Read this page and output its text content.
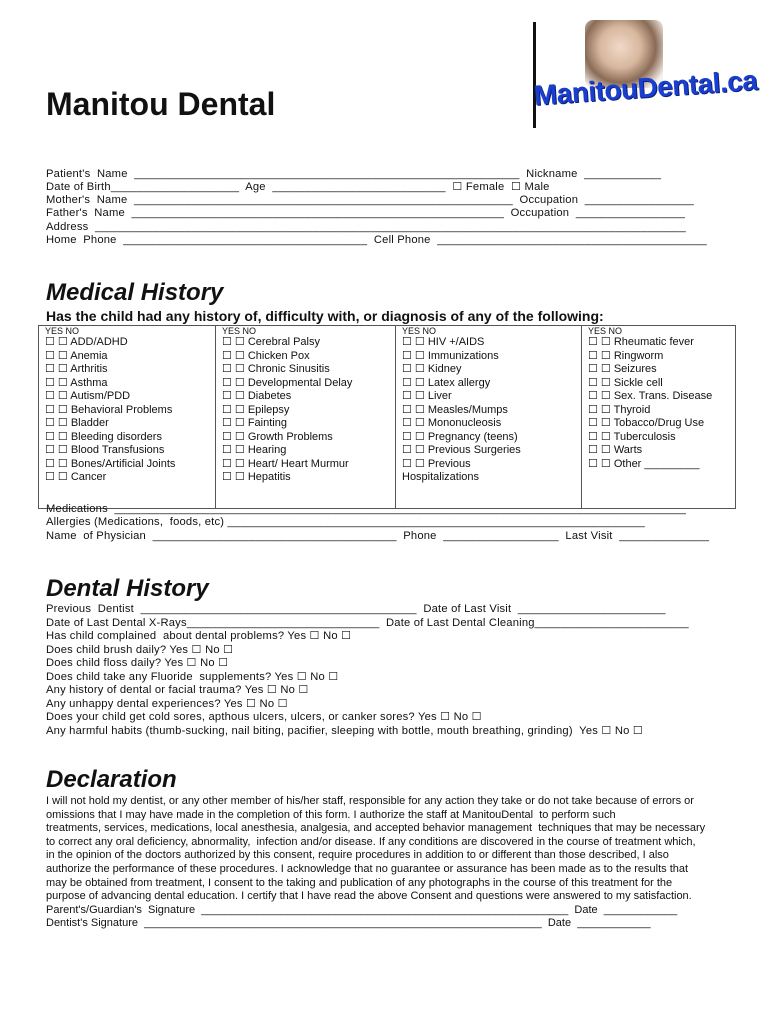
Manitou Dental	ManitouDental.ca
Patient's  Name  ____________________________________________________________  Nickname  ____________
Date of Birth____________________  Age  ___________________________  ☐ Female  ☐ Male
Mother's  Name  ___________________________________________________________  Occupation  _________________
Father's  Name  __________________________________________________________  Occupation  _________________
Address  ____________________________________________________________________________________________
Home  Phone  ______________________________________  Cell Phone  __________________________________________
Medical History
Has the child had any history of, difficulty with, or diagnosis of any of the following:
YES NO
☐ ☐ ADD/ADHD
☐ ☐ Anemia
☐ ☐ Arthritis
☐ ☐ Asthma
☐ ☐ Autism/PDD
☐ ☐ Behavioral Problems
☐ ☐ Bladder
☐ ☐ Bleeding disorders
☐ ☐ Blood Transfusions
☐ ☐ Bones/Artificial Joints
☐ ☐ Cancer
YES NO
☐ ☐ Cerebral Palsy
☐ ☐ Chicken Pox
☐ ☐ Chronic Sinusitis
☐ ☐ Developmental Delay
☐ ☐ Diabetes
☐ ☐ Epilepsy
☐ ☐ Fainting
☐ ☐ Growth Problems
☐ ☐ Hearing
☐ ☐ Heart/ Heart Murmur
☐ ☐ Hepatitis
YES NO
☐ ☐ HIV +/AIDS
☐ ☐ Immunizations
☐ ☐ Kidney
☐ ☐ Latex allergy
☐ ☐ Liver
☐ ☐ Measles/Mumps
☐ ☐ Mononucleosis
☐ ☐ Pregnancy (teens)
☐ ☐ Previous Surgeries
☐ ☐ Previous
Hospitalizations
YES NO
☐ ☐ Rheumatic fever
☐ ☐ Ringworm
☐ ☐ Seizures
☐ ☐ Sickle cell
☐ ☐ Sex. Trans. Disease
☐ ☐ Thyroid
☐ ☐ Tobacco/Drug Use
☐ ☐ Tuberculosis
☐ ☐ Warts
☐ ☐ Other _________
Medications  _________________________________________________________________________________________
Allergies (Medications,  foods, etc) _________________________________________________________________
Name  of Physician  ______________________________________  Phone  __________________  Last Visit  ______________
Dental History
Previous  Dentist  ___________________________________________  Date of Last Visit  _______________________
Date of Last Dental X-Rays______________________________  Date of Last Dental Cleaning________________________
Has child complained  about dental problems? Yes ☐ No ☐
Does child brush daily? Yes ☐ No ☐
Does child floss daily? Yes ☐ No ☐
Does child take any Fluoride  supplements? Yes ☐ No ☐
Any history of dental or facial trauma? Yes ☐ No ☐
Any unhappy dental experiences? Yes ☐ No ☐
Does your child get cold sores, apthous ulcers, ulcers, or canker sores? Yes ☐ No ☐
Any harmful habits (thumb-sucking, nail biting, pacifier, sleeping with bottle, mouth breathing, grinding)  Yes ☐ No ☐
Declaration

I will not hold my dentist, or any other member of his/her staff, responsible for any action they take or do not take because of errors or

omissions that I may have made in the completion of this form. I authorize the staff at ManitouDental  to perform such

treatments, services, medications, local anesthesia, analgesia, and accepted behavior management  techniques that may be necessary

to correct any oral deficiency, abnormality,  infection and/or disease. If any conditions are discovered in the course of treatment which,

in the opinion of the doctors authorized by this consent, require procedures in addition to or different than those described, I also

authorize the performance of these procedures. I acknowledge that no guarantee or assurance has been made as to the results that

may be obtained from treatment, I consent to the taking and publication of any photographs in the course of this treatment for the

purpose of advancing dental education. I certify that I have read the above Consent and questions were answered to my satisfaction.

Parent's/Guardian's  Signature  ____________________________________________________________  Date  ____________

Dentist's Signature  _________________________________________________________________  Date  ____________
